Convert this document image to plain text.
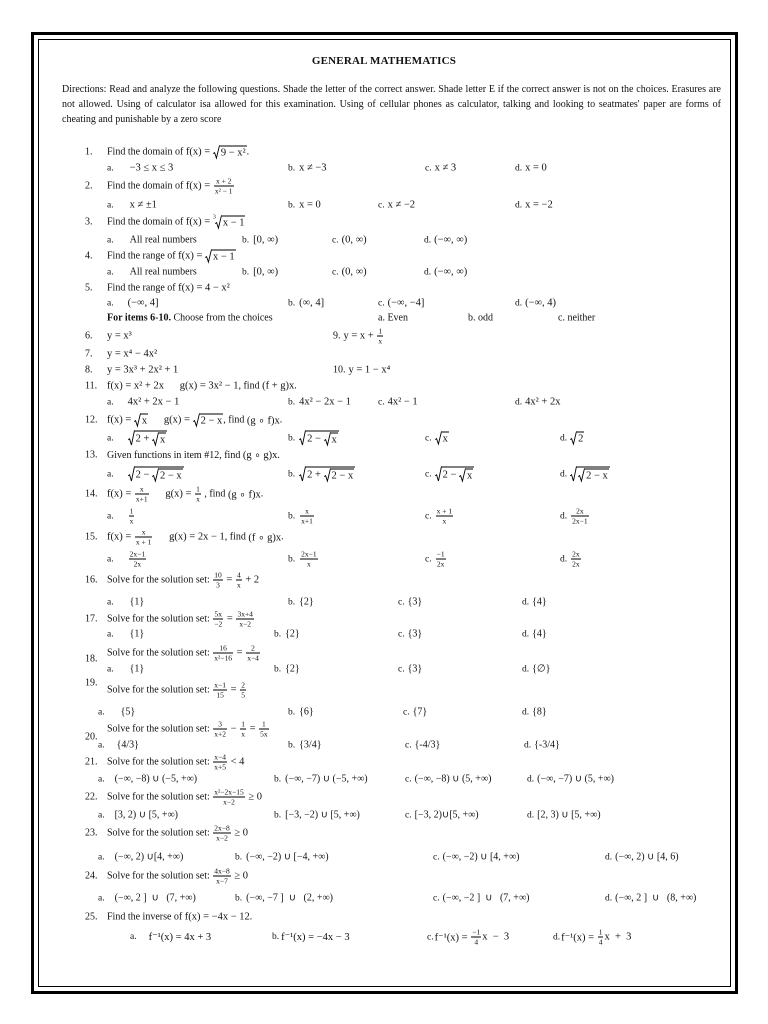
GENERAL MATHEMATICS
Directions: Read and analyze the following questions. Shade the letter of the correct answer. Shade letter E if the correct answer is not on the choices. Erasures are not allowed. Using of calculator isa allowed for this examination. Using of cellular phones as calculator, talking and looking to seatmates' paper are forms of cheating and punishable by a zero score
1. Find the domain of f(x) = 9 − x² .
a. −3 ≤ x ≤ 3	b. x ≠ −3	c. x ≠ 3	d. x = 0
2. Find the domain of $f(x) = \frac{x + 2}{\text{x² − 1}}$
a. x ≠ ±1	b. x = 0	c. x ≠ −2	d. x = −2
3. Find the domain of f(x) = 3 x − 1
a. All real numbers	b. [0, ∞)	c. (0, ∞)	d. (−∞, ∞)
4. Find the range of f(x) = x − 1
a. All real numbers	b. [0, ∞)	c. (0, ∞)	d. (−∞, ∞)
5. Find the range of f(x) = 4 − x²
a. (−∞, 4]	b. (∞, 4]	c. (−∞, −4]	d. (−∞, 4)
11. f(x) = x² + 2x      g(x) = 3x² − 1 , find (f + g)x .
a. 4x² + 2x − 1	b. 4x² − 2x − 1	c. 4x² − 1	d. 4x² + 2x
12. f(x) = x g(x) = 2 − x , find (g ∘ f)x .
a. 2 + x	b. 2 − x	c. x	d. 2
13. Given functions in item #12, find (g ∘ g)x .
a. 2 − 2 − x	b. 2 + 2 − x	c. 2 − x	d. 2 − x
14. $f(x) = \frac{x}{x+1} g(x) = \frac{1}{x}$ , find (g ∘ f)x .
a. $\frac{1}{x}$	b. $\frac{x}{x+1}$	c. $\frac{x + 1}{x}$	d. $\frac{2x}{2x-1}$
15. $f(x) = \frac{x}{x + 1} g(x) = 2x - 1$ , find (f ∘ g)x .
a. $\frac{2x-1}{2x}$	b. $\frac{2x-1}{x}$	c. $\frac{-1}{2x}$	d. $\frac{2x}{2x}$
16. Solve for the solution set: $\frac{10}{3} = \frac{4}{x} + 2$
a. {1}	b. {2}	c. {3}	d. {4}
17. Solve for the solution set: $\frac{5x}{-2} = \frac{3x+4}{x-2}$
a. {1}	b. {2}	c. {3}	d. {4}
18.
Solve for the solution set: $\frac{16}{\text{x²−16}} = \frac{2}{x-4}$
a. {1}	b. {2}	c. {3}	d. {∅}
19.
Solve for the solution set: $\frac{x-1}{15} = \frac{2}{5}$
a. {5}	b. {6}	c. {7}	d. {8}
20.
Solve for the solution set: $\frac{3}{x+2} - \frac{1}{x} = \frac{1}{5x}$
a. {4/3}	b. {3/4}	c. {-4/3}	d. {-3/4}
21. Solve for the solution set: $\frac{x-4}{x+5} < 4$
a. (−∞, −8) ∪ (−5, +∞)	b. (−∞, −7) ∪ (−5, +∞)	c. (−∞, −8) ∪ (5, +∞)	d. (−∞, −7) ∪ (5, +∞)
22. Solve for the solution set: $\frac{\text{x²−2x−15}}{x-2} \ge 0$
a. [3, 2) ∪ [5, +∞)	b. [−3, −2) ∪ [5, +∞)	c. [−3, 2)∪[5, +∞)	d. [2, 3) ∪ [5, +∞)
23. Solve for the solution set: $\frac{2x-8}{x-2} \ge 0$
a. (−∞, 2) ∪[4, +∞)	b. (−∞, −2) ∪ [−4, +∞)	c. (−∞, −2) ∪ [4, +∞)	d. (−∞, 2) ∪ [4, 6)
24. Solve for the solution set: $\frac{4x-8}{x-7} \ge 0$
a. (−∞, 2 ]  ∪   (7, +∞)	b. (−∞, −7 ]  ∪   (2, +∞)	c. (−∞, −2 ]  ∪   (7, +∞)	d. (−∞, 2 ]  ∪   (8, +∞)
25. Find the inverse of f(x) = −4x − 12 .
a. f⁻¹(x) = 4x + 3	b. f⁻¹(x) = −4x − 3	c. $f^{-1}(x) = \frac{-1}{4}$ x  −  3	d. $f^{-1}(x) = \frac{1}{4}$ x  +  3
For items 6-10. Choose from the choices	a. Even	b. odd	c. neither
6. y = x³
7. y = x⁴ − 4x²
8. y = 3x³ + 2x² + 1
9. $y = x + \frac{1}{x}$
10. y = 1 − x⁴
